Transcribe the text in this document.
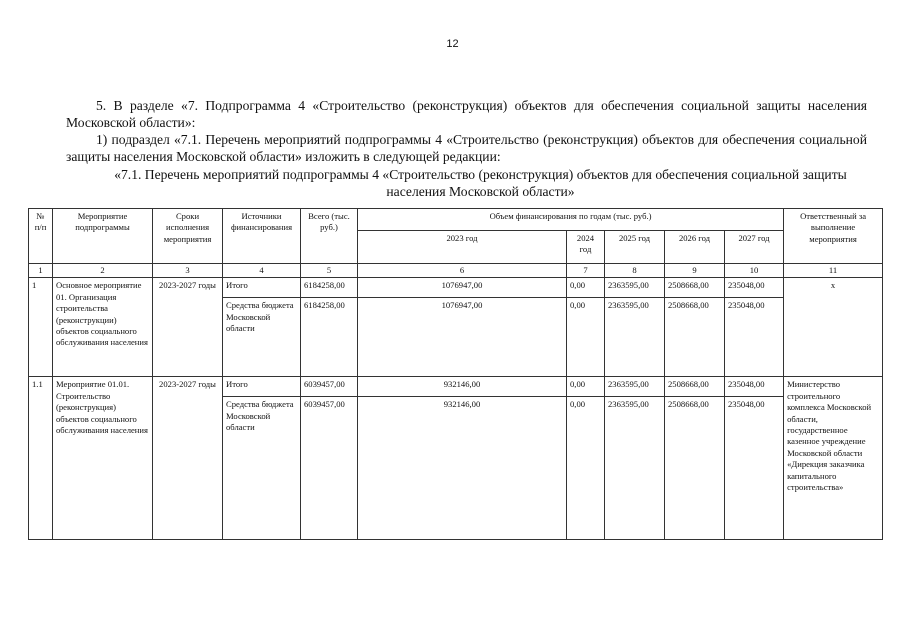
12
5. В разделе «7. Подпрограмма 4 «Строительство (реконструкция) объектов для обеспечения социальной защиты населения Московской области»:
1) подраздел «7.1. Перечень мероприятий подпрограммы 4 «Строительство (реконструкция) объектов для обеспечения социальной защиты населения Московской области» изложить в следующей редакции:
«7.1. Перечень мероприятий подпрограммы 4 «Строительство (реконструкция) объектов для обеспечения социальной защиты населения Московской области»
№ п/п	Мероприятие подпрограммы	Сроки исполнения мероприятия	Источники финансирования	Всего (тыс. руб.)	Объем финансирования по годам (тыс. руб.)					Ответственный за выполнение мероприятия
					2023 год	2024 год	2025 год	2026 год	2027 год	
1	2	3	4	5	6	7	8	9	10	11
1	Основное мероприятие 01. Организация строительства (реконструкции) объектов социального обслуживания населения	2023-2027 годы	Итого	6184258,00	1076947,00	0,00	2363595,00	2508668,00	235048,00	х
			Средства бюджета Московской области	6184258,00	1076947,00	0,00	2363595,00	2508668,00	235048,00	
1.1	Мероприятие 01.01. Строительство (реконструкция) объектов социального обслуживания населения	2023-2027 годы	Итого	6039457,00	932146,00	0,00	2363595,00	2508668,00	235048,00	Министерство строительного комплекса Московской области, государственное казенное учреждение Московской области «Дирекция заказчика капитального строительства»
			Средства бюджета Московской области	6039457,00	932146,00	0,00	2363595,00	2508668,00	235048,00	
